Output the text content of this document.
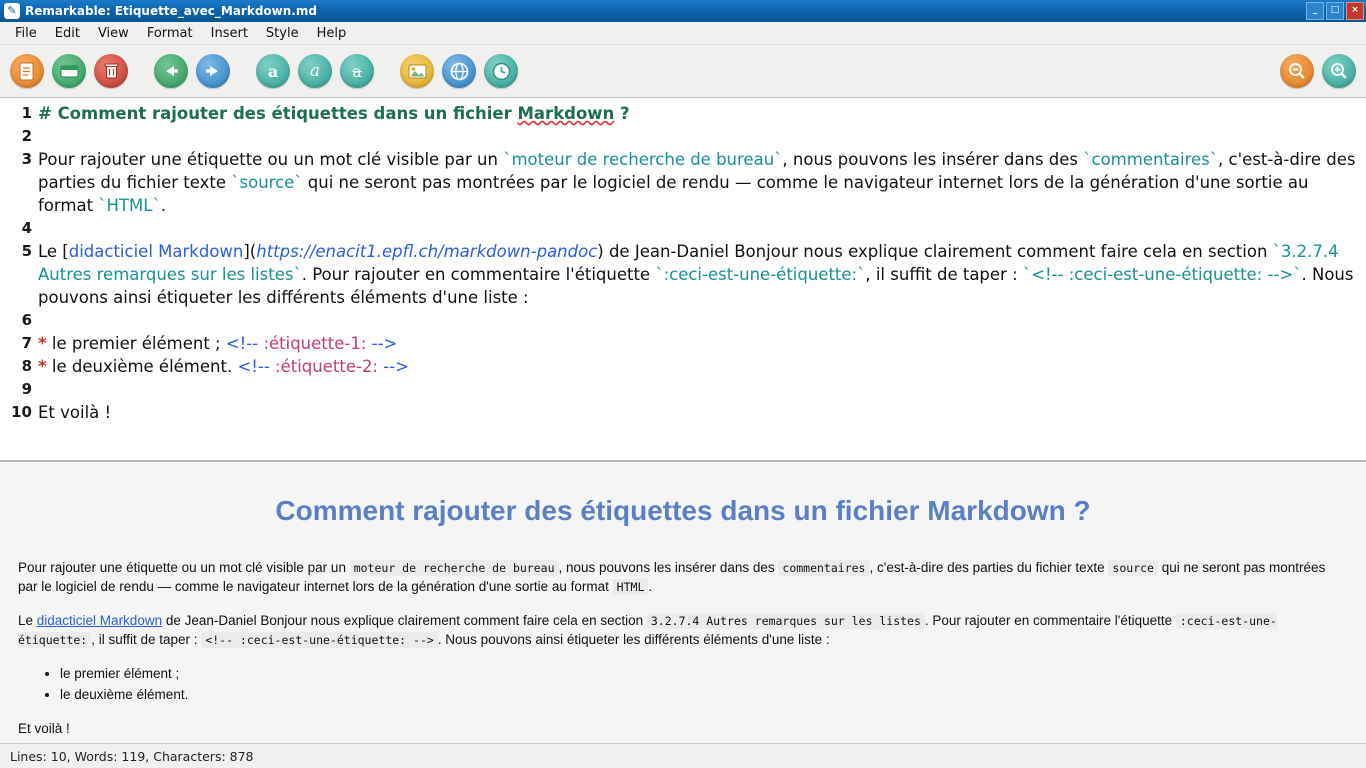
✎ Remarkable: Etiquette_avec_Markdown.md	_	□	×
File	Edit	View	Format	Insert	Style	Help
a a a
1 # Comment rajouter des étiquettes dans un fichier Markdown ?
2
3 Pour rajouter une étiquette ou un mot clé visible par un `moteur de recherche de bureau`, nous pouvons les insérer dans des `commentaires`, c'est-à-dire des parties du fichier texte `source` qui ne seront pas montrées par le logiciel de rendu — comme le navigateur internet lors de la génération d'une sortie au format `HTML`.
4
5 Le [didacticiel Markdown](https://enacit1.epfl.ch/markdown-pandoc) de Jean-Daniel Bonjour nous explique clairement comment faire cela en section `3.2.7.4 Autres remarques sur les listes`. Pour rajouter en commentaire l'étiquette `:ceci-est-une-étiquette:`, il suffit de taper : `<!-- :ceci-est-une-étiquette: -->`. Nous pouvons ainsi étiqueter les différents éléments d'une liste :
6
7 * le premier élément ; <!-- :étiquette-1: -->
8 * le deuxième élément. <!-- :étiquette-2: -->
9
10 Et voilà !
Comment rajouter des étiquettes dans un fichier Markdown ?

Pour rajouter une étiquette ou un mot clé visible par un moteur de recherche de bureau , nous pouvons les insérer dans des commentaires , c'est-à-dire des parties du fichier texte source qui ne seront pas montrées par le logiciel de rendu — comme le navigateur internet lors de la génération d'une sortie au format HTML .

Le didacticiel Markdown de Jean-Daniel Bonjour nous explique clairement comment faire cela en section 3.2.7.4 Autres remarques sur les listes . Pour rajouter en commentaire l'étiquette :ceci-est-une-étiquette: , il suffit de taper : <!-- :ceci-est-une-étiquette: --> . Nous pouvons ainsi étiqueter les différents éléments d'une liste :

• le premier élément ;
• le deuxième élément.

Et voilà !

Lines: 10, Words: 119, Characters: 878
